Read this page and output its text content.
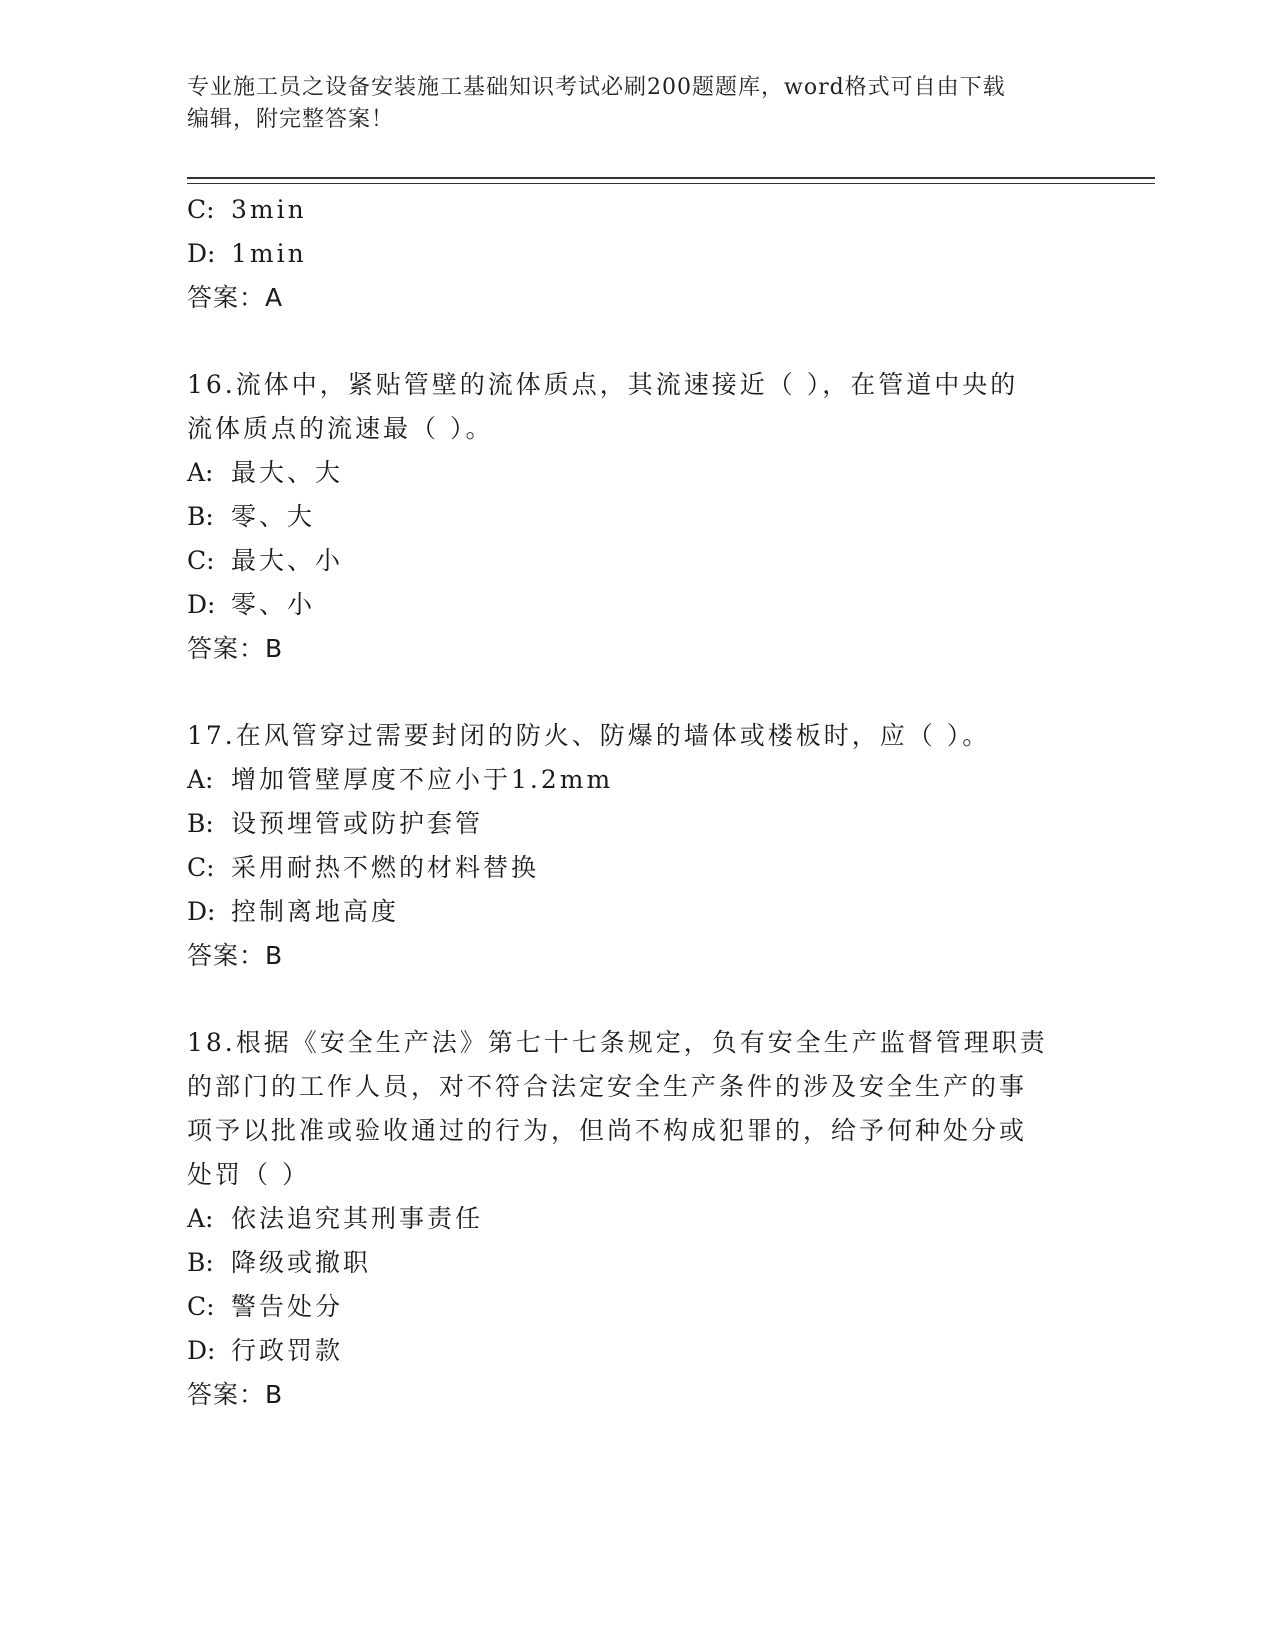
专业施工员之设备安装施工基础知识考试必刷200题题库，word格式可自由下载
编辑，附完整答案！
C: 3min
D: 1min
答案：A
16.流体中，紧贴管壁的流体质点，其流速接近（ ），在管道中央的
流体质点的流速最（ ）。
A: 最大、大
B: 零、大
C: 最大、小
D: 零、小
答案：B
17.在风管穿过需要封闭的防火、防爆的墙体或楼板时，应（ ）。
A: 增加管壁厚度不应小于1.2mm
B: 设预埋管或防护套管
C: 采用耐热不燃的材料替换
D: 控制离地高度
答案：B
18.根据《安全生产法》第七十七条规定，负有安全生产监督管理职责
的部门的工作人员，对不符合法定安全生产条件的涉及安全生产的事
项予以批准或验收通过的行为，但尚不构成犯罪的，给予何种处分或
处罚（ ）
A: 依法追究其刑事责任
B: 降级或撤职
C: 警告处分
D: 行政罚款
答案：B
